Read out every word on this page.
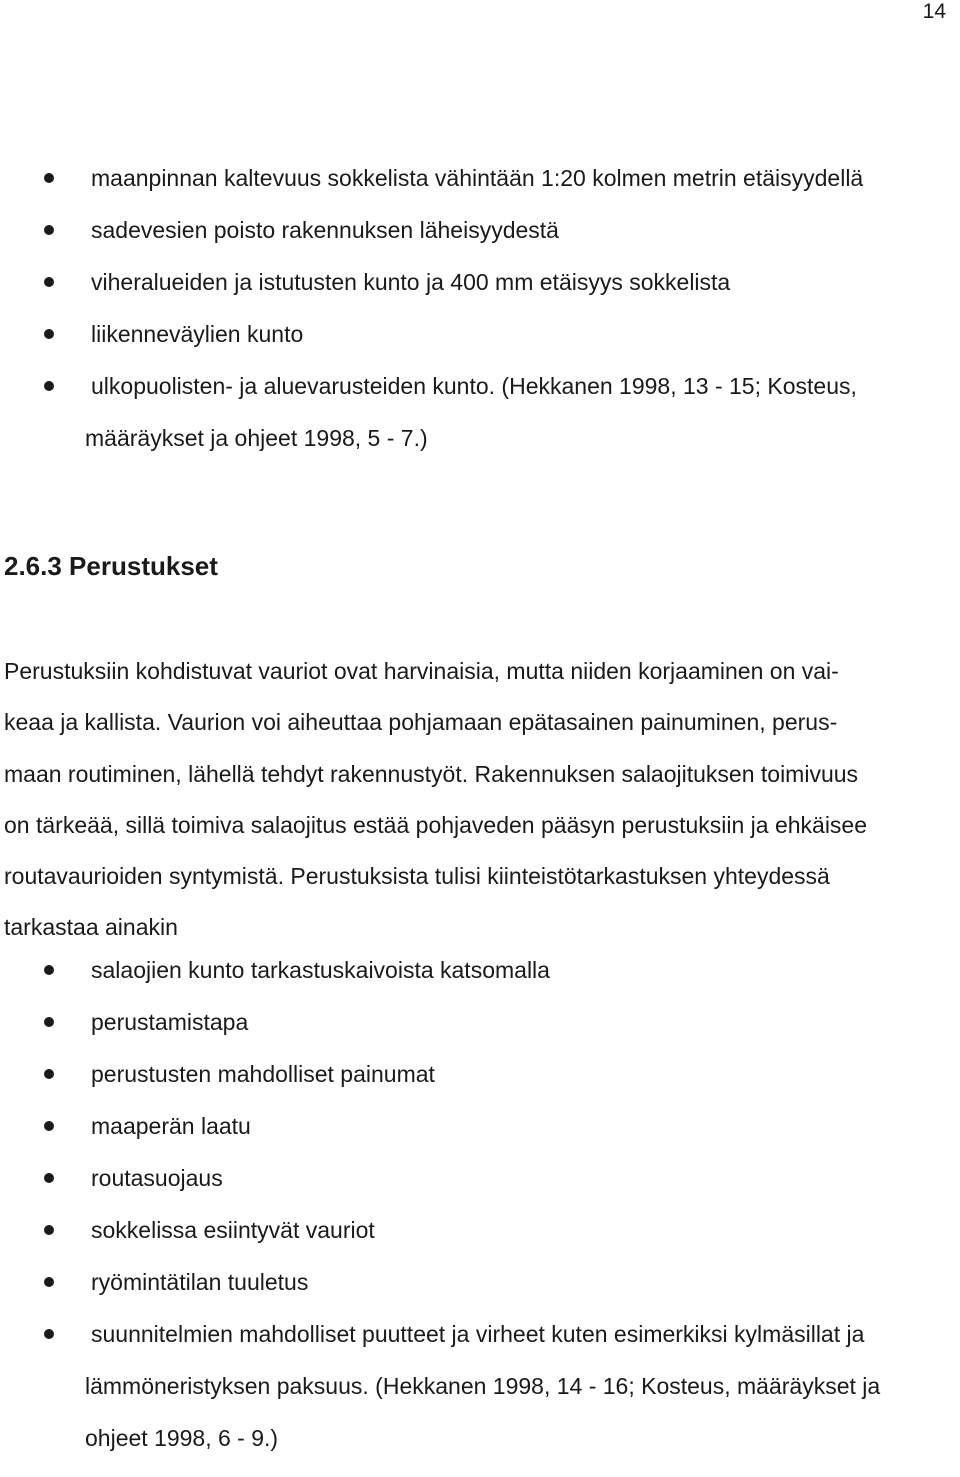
14
maanpinnan kaltevuus sokkelista vähintään 1:20 kolmen metrin etäisyydellä
sadevesien poisto rakennuksen läheisyydestä
viheralueiden ja istutusten kunto ja 400 mm etäisyys sokkelista
liikenneväylien kunto
ulkopuolisten- ja aluevarusteiden kunto. (Hekkanen 1998, 13 - 15; Kosteus,
määräykset ja ohjeet 1998, 5 - 7.)
2.6.3 Perustukset
Perustuksiin kohdistuvat vauriot ovat harvinaisia, mutta niiden korjaaminen on vai-
keaa ja kallista. Vaurion voi aiheuttaa pohjamaan epätasainen painuminen, perus-
maan routiminen, lähellä tehdyt rakennustyöt. Rakennuksen salaojituksen toimivuus
on tärkeää, sillä toimiva salaojitus estää pohjaveden pääsyn perustuksiin ja ehkäisee
routavaurioiden syntymistä. Perustuksista tulisi kiinteistötarkastuksen yhteydessä
tarkastaa ainakin
salaojien kunto tarkastuskaivoista katsomalla
perustamistapa
perustusten mahdolliset painumat
maaperän laatu
routasuojaus
sokkelissa esiintyvät vauriot
ryömintätilan tuuletus
suunnitelmien mahdolliset puutteet ja virheet kuten esimerkiksi kylmäsillat ja
lämmöneristyksen paksuus. (Hekkanen 1998, 14 - 16; Kosteus, määräykset ja
ohjeet 1998, 6 - 9.)
